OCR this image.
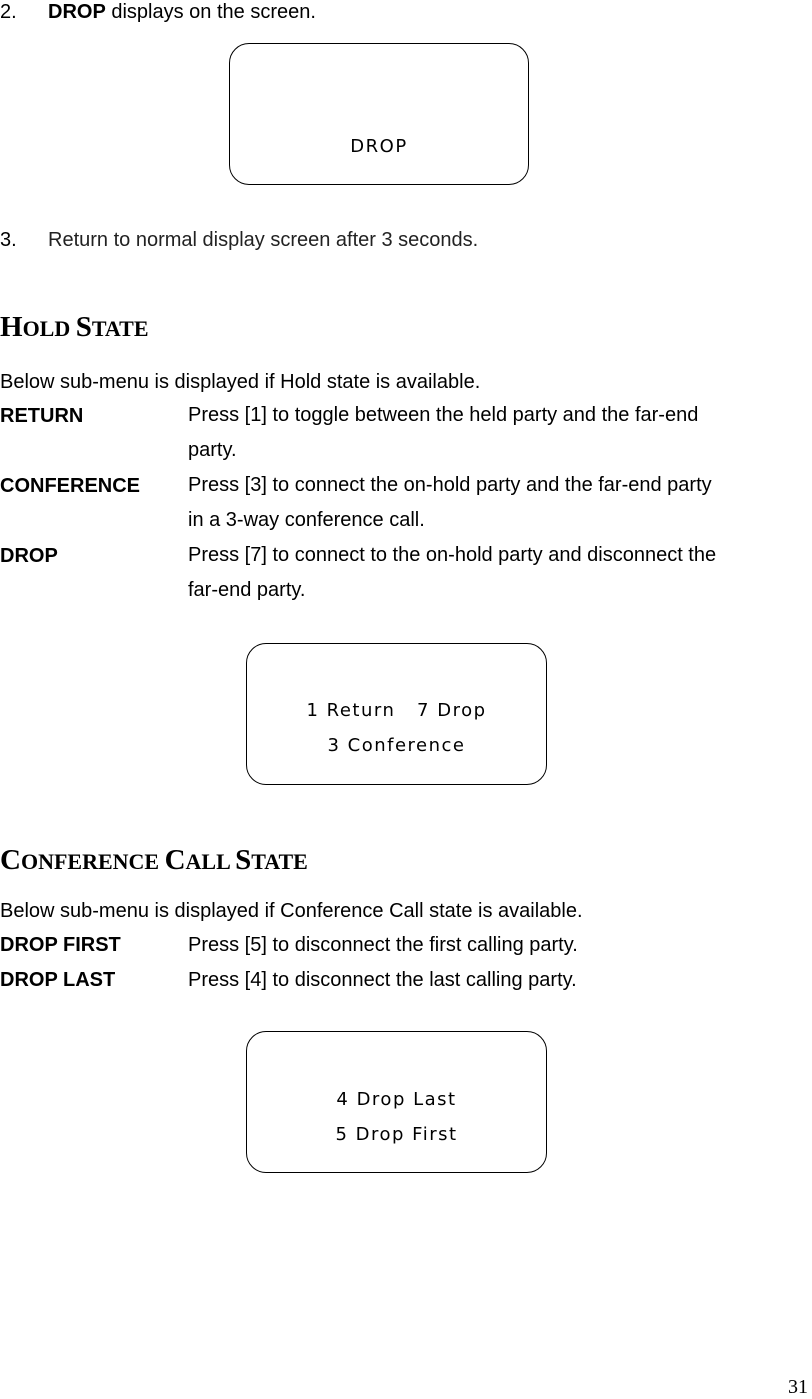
2.	DROP displays on the screen.
DROP
3.	Return to normal display screen after 3 seconds.
HOLD STATE
Below sub-menu is displayed if Hold state is available.
RETURN	Press [1] to toggle between the held party and the far-end
party.
CONFERENCE Press [3] to connect the on-hold party and the far-end party
in a 3-way conference call.
DROP	Press [7] to connect to the on-hold party and disconnect the
far-end party.
1 Return   7 Drop
3 Conference
CONFERENCE CALL STATE
Below sub-menu is displayed if Conference Call state is available.
DROP FIRST	Press [5] to disconnect the first calling party.
DROP LAST	Press [4] to disconnect the last calling party.
4 Drop Last
5 Drop First
31
